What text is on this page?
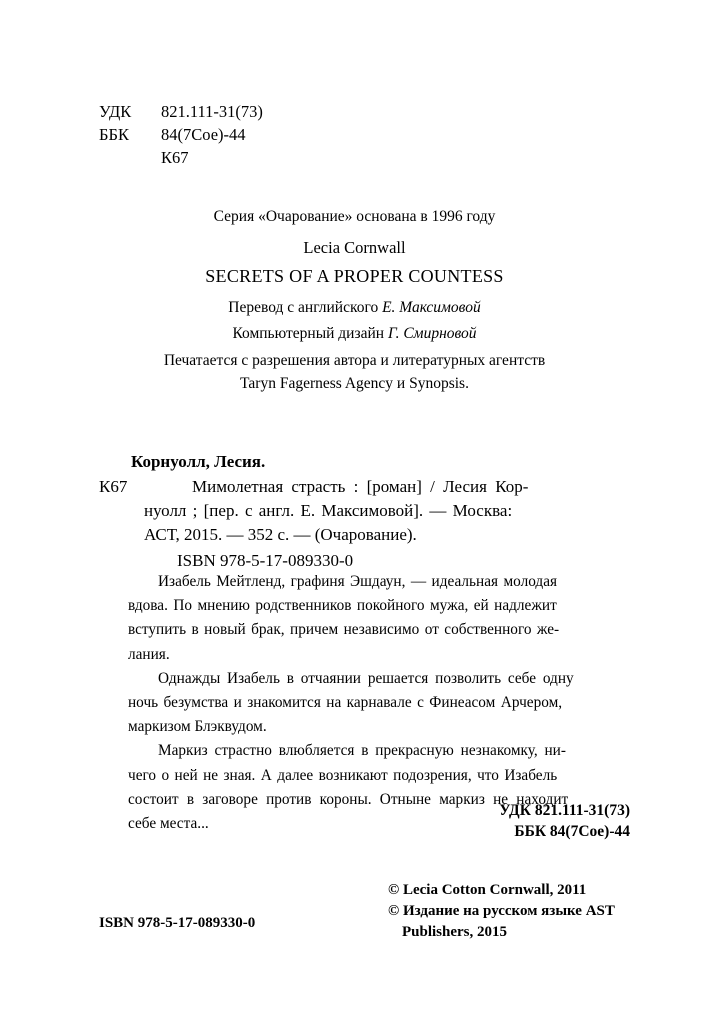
УДК 821.111-31(73)
ББК 84(7Сое)-44
К67
Серия «Очарование» основана в 1996 году
Lecia Cornwall
SECRETS OF A PROPER COUNTESS
Перевод с английского Е. Максимовой
Компьютерный дизайн Г. Смирновой
Печатается с разрешения автора и литературных агентств
Taryn Fagerness Agency и Synopsis.
Корнуолл, Лесия.
К67	Мимолетная страсть : [роман] / Лесия Кор-
нуолл ; [пер. с англ. Е. Максимовой]. — Москва:
АСТ, 2015. — 352 с. — (Очарование).
ISBN 978-5-17-089330-0

Изабель Мейтленд, графиня Эшдаун, — идеальная молодая
вдова. По мнению родственников покойного мужа, ей надлежит
вступить в новый брак, причем независимо от собственного же-
лания.

Однажды Изабель в отчаянии решается позволить себе одну
ночь безумства и знакомится на карнавале с Финеасом Арчером,
маркизом Блэквудом.

Маркиз страстно влюбляется в прекрасную незнакомку, ни-
чего о ней не зная. А далее возникают подозрения, что Изабель
состоит в заговоре против короны. Отныне маркиз не находит
себе места...

УДК 821.111-31(73)
ББК 84(7Сое)-44
© Lecia Cotton Cornwall, 2011
© Издание на русском языке AST
Publishers, 2015
ISBN 978-5-17-089330-0
